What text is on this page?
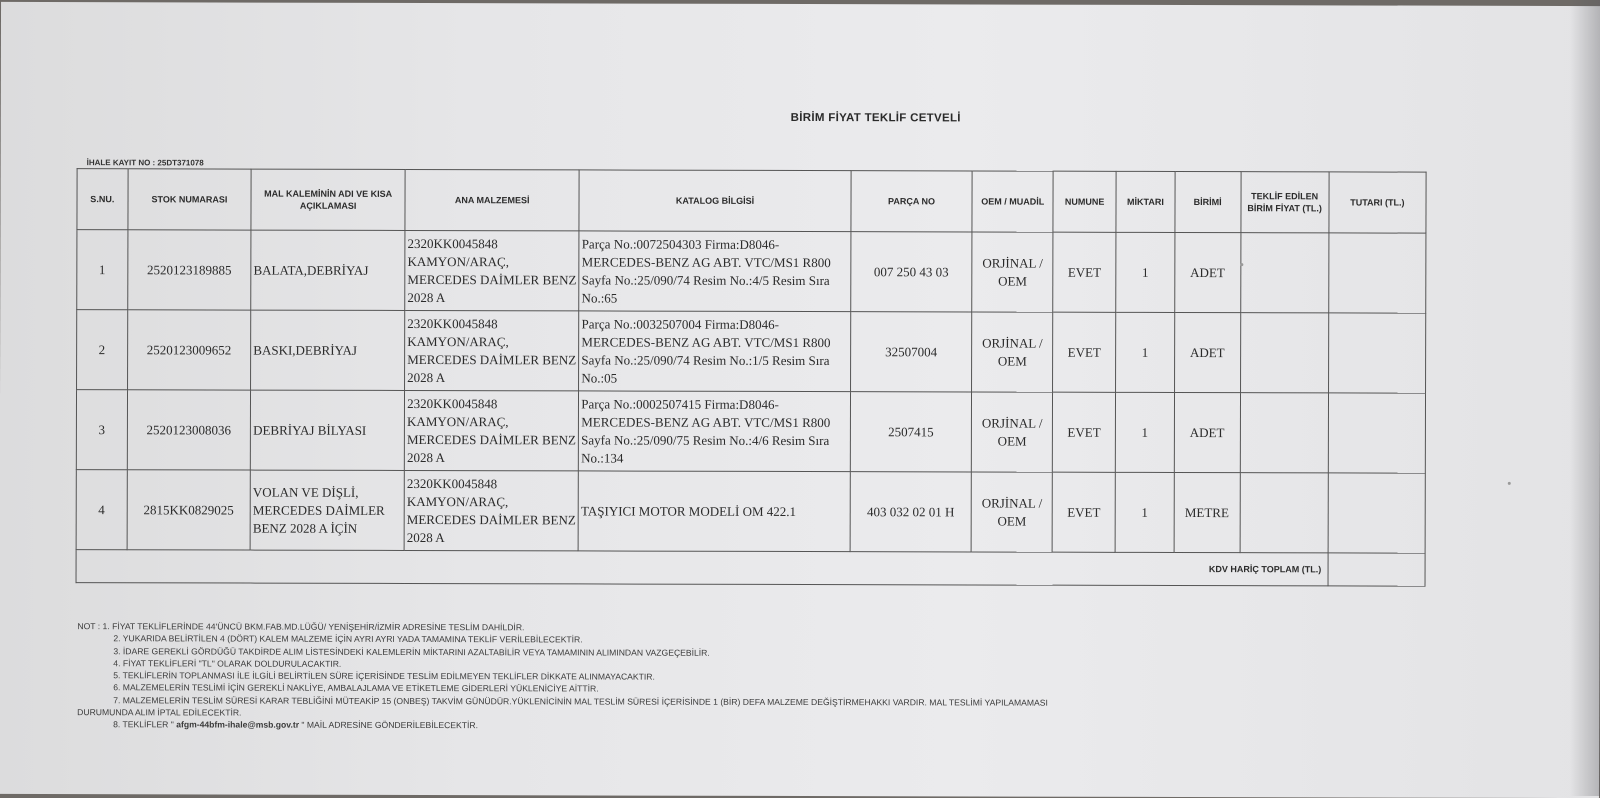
BİRİM FİYAT TEKLİF CETVELİ
İHALE KAYIT NO : 25DT371078
S.NU.	STOK NUMARASI	MAL KALEMİNİN ADI VE KISA AÇIKLAMASI	ANA MALZEMESİ	KATALOG BİLGİSİ	PARÇA NO	OEM / MUADİL	NUMUNE	MİKTARI	BİRİMİ	TEKLİF EDİLEN BİRİM FİYAT (TL.)	TUTARI (TL.)
1	2520123189885	BALATA,DEBRİYAJ	2320KK0045848 KAMYON/ARAÇ, MERCEDES DAİMLER BENZ 2028 A	Parça No.:0072504303 Firma:D8046-MERCEDES-BENZ AG ABT. VTC/MS1 R800 Sayfa No.:25/090/74 Resim No.:4/5 Resim Sıra No.:65	007 250 43 03	ORJİNAL / OEM	EVET	1	ADET		
2	2520123009652	BASKI,DEBRİYAJ	2320KK0045848 KAMYON/ARAÇ, MERCEDES DAİMLER BENZ 2028 A	Parça No.:0032507004 Firma:D8046-MERCEDES-BENZ AG ABT. VTC/MS1 R800 Sayfa No.:25/090/74 Resim No.:1/5 Resim Sıra No.:05	32507004	ORJİNAL / OEM	EVET	1	ADET		
3	2520123008036	DEBRİYAJ BİLYASI	2320KK0045848 KAMYON/ARAÇ, MERCEDES DAİMLER BENZ 2028 A	Parça No.:0002507415 Firma:D8046-MERCEDES-BENZ AG ABT. VTC/MS1 R800 Sayfa No.:25/090/75 Resim No.:4/6 Resim Sıra No.:134	2507415	ORJİNAL / OEM	EVET	1	ADET		
4	2815KK0829025	VOLAN VE DİŞLİ, MERCEDES DAİMLER BENZ 2028 A İÇİN	2320KK0045848 KAMYON/ARAÇ, MERCEDES DAİMLER BENZ 2028 A	TAŞIYICI MOTOR MODELİ OM 422.1	403 032 02 01 H	ORJİNAL / OEM	EVET	1	METRE		
KDV HARİÇ TOPLAM (TL.)											
NOT : 1. FİYAT TEKLİFLERİNDE 44'ÜNCÜ BKM.FAB.MD.LÜĞÜ/ YENİŞEHİR/İZMİR ADRESİNE TESLİM DAHİLDİR.
2. YUKARIDA BELİRTİLEN 4 (DÖRT) KALEM MALZEME İÇİN AYRI AYRI YADA TAMAMINA TEKLİF VERİLEBİLECEKTİR.
3. İDARE GEREKLİ GÖRDÜĞÜ TAKDİRDE ALIM LİSTESİNDEKİ KALEMLERİN MİKTARINI AZALTABİLİR VEYA TAMAMININ ALIMINDAN VAZGEÇEBİLİR.
4. FİYAT TEKLİFLERİ "TL" OLARAK DOLDURULACAKTIR.
5. TEKLİFLERİN TOPLANMASI İLE İLGİLİ BELİRTİLEN SÜRE İÇERİSİNDE TESLİM EDİLMEYEN TEKLİFLER DİKKATE ALINMAYACAKTIR.
6. MALZEMELERİN TESLİMİ İÇİN GEREKLİ NAKLİYE, AMBALAJLAMA VE ETİKETLEME GİDERLERİ YÜKLENİCİYE AİTTİR.
7. MALZEMELERİN TESLİM SÜRESİ KARAR TEBLİĞİNİ MÜTEAKİP 15 (ONBEŞ) TAKVİM GÜNÜDÜR.YÜKLENİCİNİN MAL TESLİM SÜRESİ İÇERİSİNDE 1 (BİR) DEFA MALZEME DEĞİŞTİRMEHAKKI VARDIR. MAL TESLİMİ YAPILAMAMASI
DURUMUNDA ALIM İPTAL EDİLECEKTİR.
8. TEKLİFLER " afgm-44bfm-ihale@msb.gov.tr " MAİL ADRESİNE GÖNDERİLEBİLECEKTİR.
